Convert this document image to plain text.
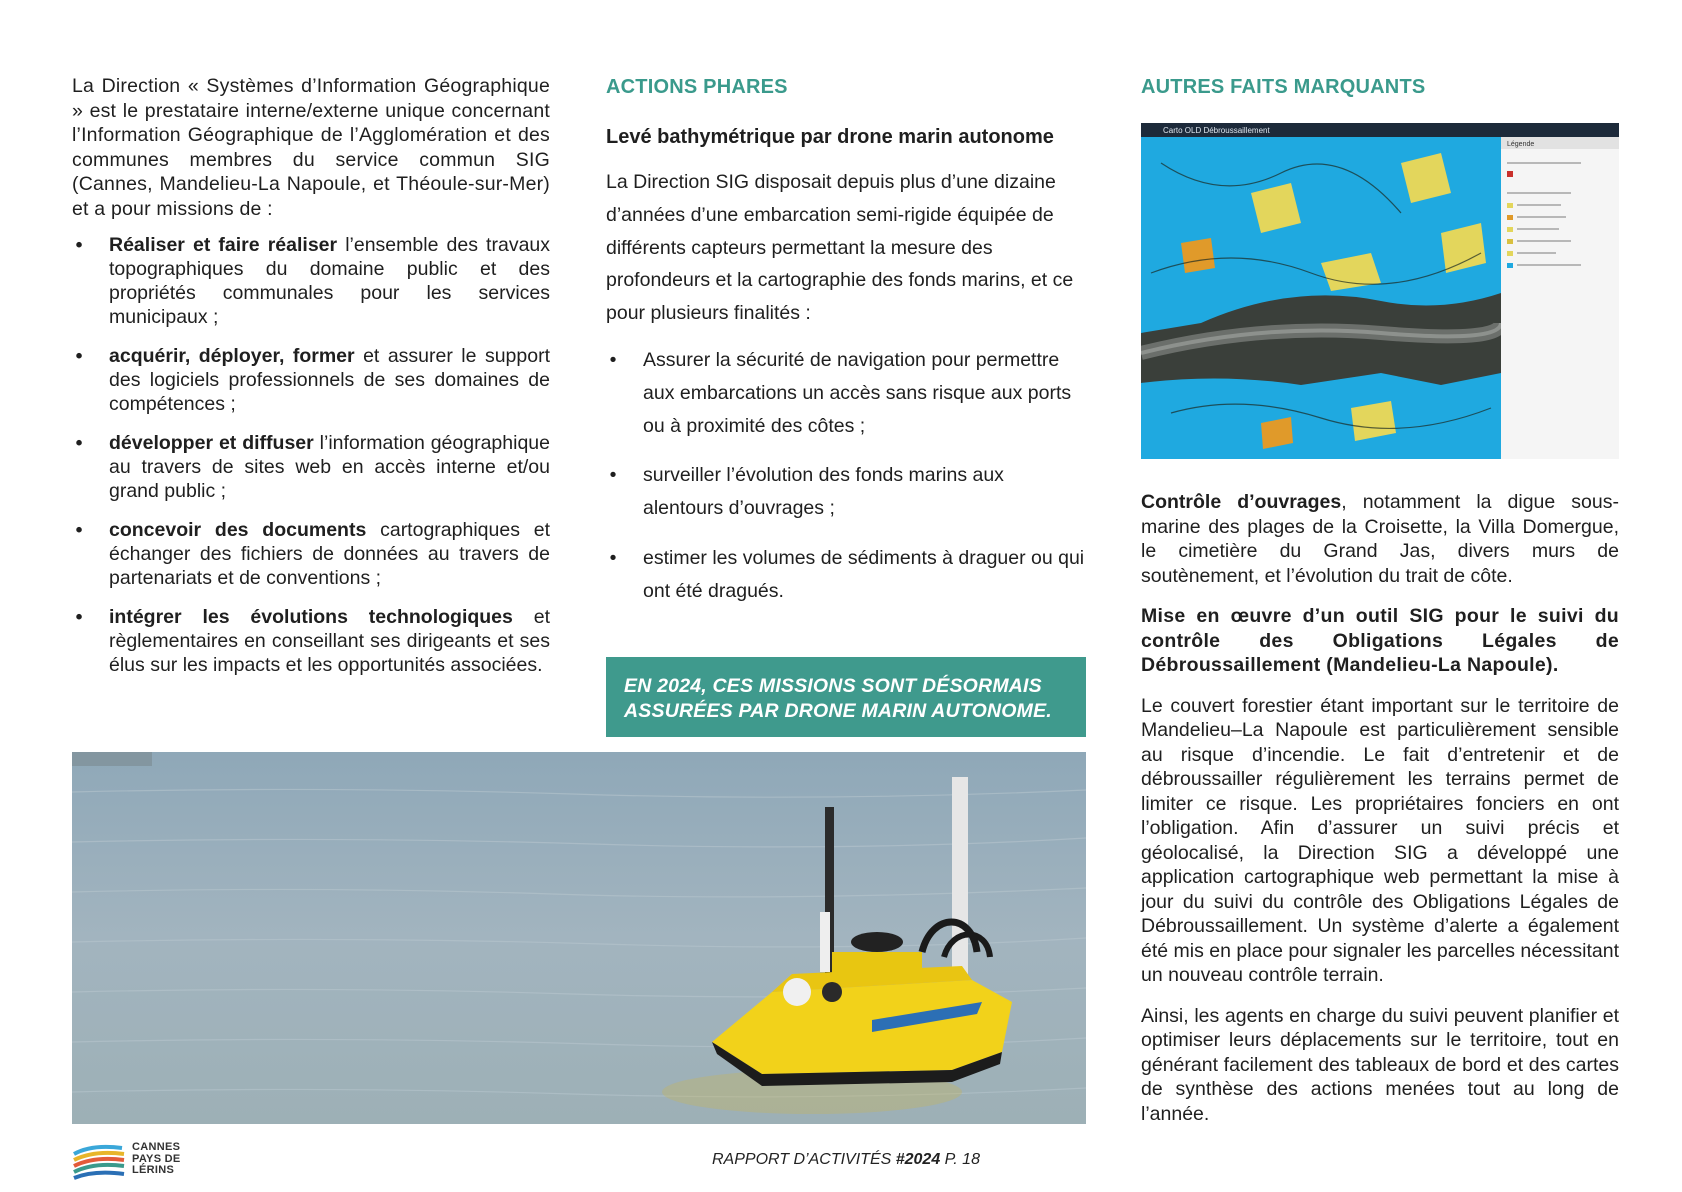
La Direction « Systèmes d’Information Géographique » est le prestataire interne/externe unique concernant l’Information Géographique de l’Agglomération et des communes membres du service commun SIG (Cannes, Mandelieu-La Napoule, et Théoule-sur-Mer) et a pour missions de :

• Réaliser et faire réaliser l’ensemble des travaux topographiques du domaine public et des propriétés communales pour les services municipaux ;
• acquérir, déployer, former et assurer le support des logiciels professionnels de ses domaines de compétences ;
• développer et diffuser l’information géographique au travers de sites web en accès interne et/ou grand public ;
• concevoir des documents cartographiques et échanger des fichiers de données au travers de partenariats et de conventions ;
• intégrer les évolutions technologiques et règlementaires en conseillant ses dirigeants et ses élus sur les impacts et les opportunités associées.
ACTIONS PHARES
Levé bathymétrique par drone marin autonome

La Direction SIG disposait depuis plus d’une dizaine d’années d’une embarcation semi-rigide équipée de différents capteurs permettant la mesure des profondeurs et la cartographie des fonds marins, et ce pour plusieurs finalités :

• Assurer la sécurité de navigation pour permettre aux embarcations un accès sans risque aux ports ou à proximité des côtes ;
• surveiller l’évolution des fonds marins aux alentours d’ouvrages ;
• estimer les volumes de sédiments à draguer ou qui ont été dragués.
EN 2024, CES MISSIONS SONT DÉSORMAIS ASSURÉES PAR DRONE MARIN AUTONOME.
AUTRES FAITS MARQUANTS
Carto OLD Débroussaillement
Légende

Contrôle d’ouvrages, notamment la digue sous-marine des plages de la Croisette, la Villa Domergue, le cimetière du Grand Jas, divers murs de soutènement, et l’évolution du trait de côte.

Mise en œuvre d’un outil SIG pour le suivi du contrôle des Obligations Légales de Débroussaillement (Mandelieu-La Napoule).

Le couvert forestier étant important sur le territoire de Mandelieu–La Napoule est particulièrement sensible au risque d’incendie. Le fait d’entretenir et de débroussailler régulièrement les terrains permet de limiter ce risque. Les propriétaires fonciers en ont l’obligation. Afin d’assurer un suivi précis et géolocalisé, la Direction SIG a développé une application cartographique web permettant la mise à jour du suivi du contrôle des Obligations Légales de Débroussaillement. Un système d’alerte a également été mis en place pour signaler les parcelles nécessitant un nouveau contrôle terrain.

Ainsi, les agents en charge du suivi peuvent planifier et optimiser leurs déplacements sur le territoire, tout en générant facilement des tableaux de bord et des cartes de synthèse des actions menées tout au long de l’année.

CANNES
PAYS DE
LÉRINS
RAPPORT D’ACTIVITÉS #2024 P. 18
